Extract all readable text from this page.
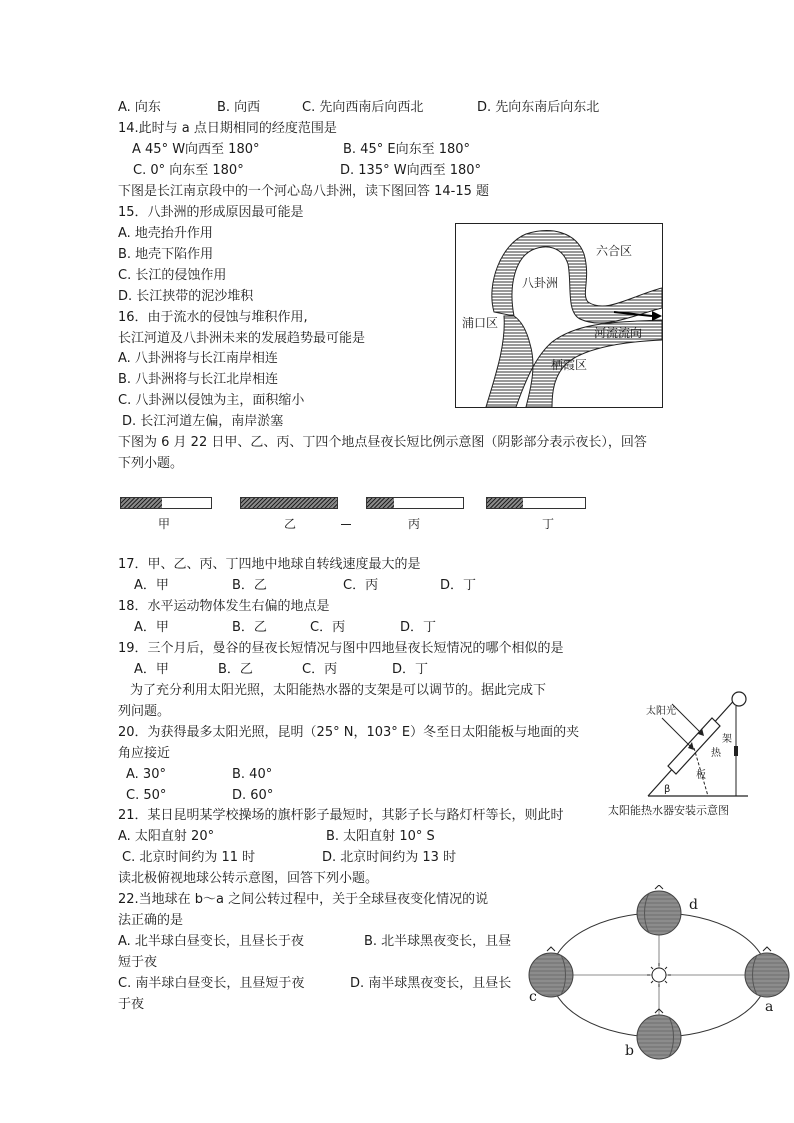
A. 向东	B. 向西	C. 先向西南后向西北	D. 先向东南后向东北
14.此时与 a 点日期相同的经度范围是
A 45° W向西至 180°	B. 45° E向东至 180°
C. 0° 向东至 180°	D. 135° W向西至 180°
下图是长江南京段中的一个河心岛八卦洲，读下图回答 14-15 题
15．八卦洲的形成原因最可能是
A. 地壳抬升作用
B. 地壳下陷作用
C. 长江的侵蚀作用
D. 长江挟带的泥沙堆积
16．由于流水的侵蚀与堆积作用,
长江河道及八卦洲未来的发展趋势最可能是
A. 八卦洲将与长江南岸相连
B. 八卦洲将与长江北岸相连
C. 八卦洲以侵蚀为主，面积缩小
D. 长江河道左偏，南岸淤塞
六合区
八卦洲
浦口区
河流流向
栖霞区
下图为 6 月 22 日甲、乙、丙、丁四个地点昼夜长短比例示意图（阴影部分表示夜长），回答
下列小题。
甲	乙	丙	丁
17．甲、乙、丙、丁四地中地球自转线速度最大的是
A．甲	B．乙	C．丙	D．丁
18．水平运动物体发生右偏的地点是
A．甲	B．乙	C．丙	D．丁
19．三个月后，曼谷的昼夜长短情况与图中四地昼夜长短情况的哪个相似的是
A．甲	B．乙	C．丙	D．丁
为了充分利用太阳光照，太阳能热水器的支架是可以调节的。据此完成下
列问题。
20．为获得最多太阳光照，昆明（25° N，103° E）冬至日太阳能板与地面的夹
角应接近
A. 30°	B. 40°
C. 50°	D. 60°
太阳光
架
热
板
β
太阳能热水器安装示意图
21．某日昆明某学校操场的旗杆影子最短时，其影子长与路灯杆等长，则此时
A. 太阳直射 20°	B. 太阳直射 10° S
C. 北京时间约为 11 时	D. 北京时间约为 13 时
读北极俯视地球公转示意图，回答下列小题。
22.当地球在 b～a 之间公转过程中，关于全球昼夜变化情况的说
法正确的是
A. 北半球白昼变长，且昼长于夜	B. 北半球黑夜变长，且昼
短于夜
C. 南半球白昼变长，且昼短于夜	D. 南半球黑夜变长，且昼长
于夜	a
b
c
d
